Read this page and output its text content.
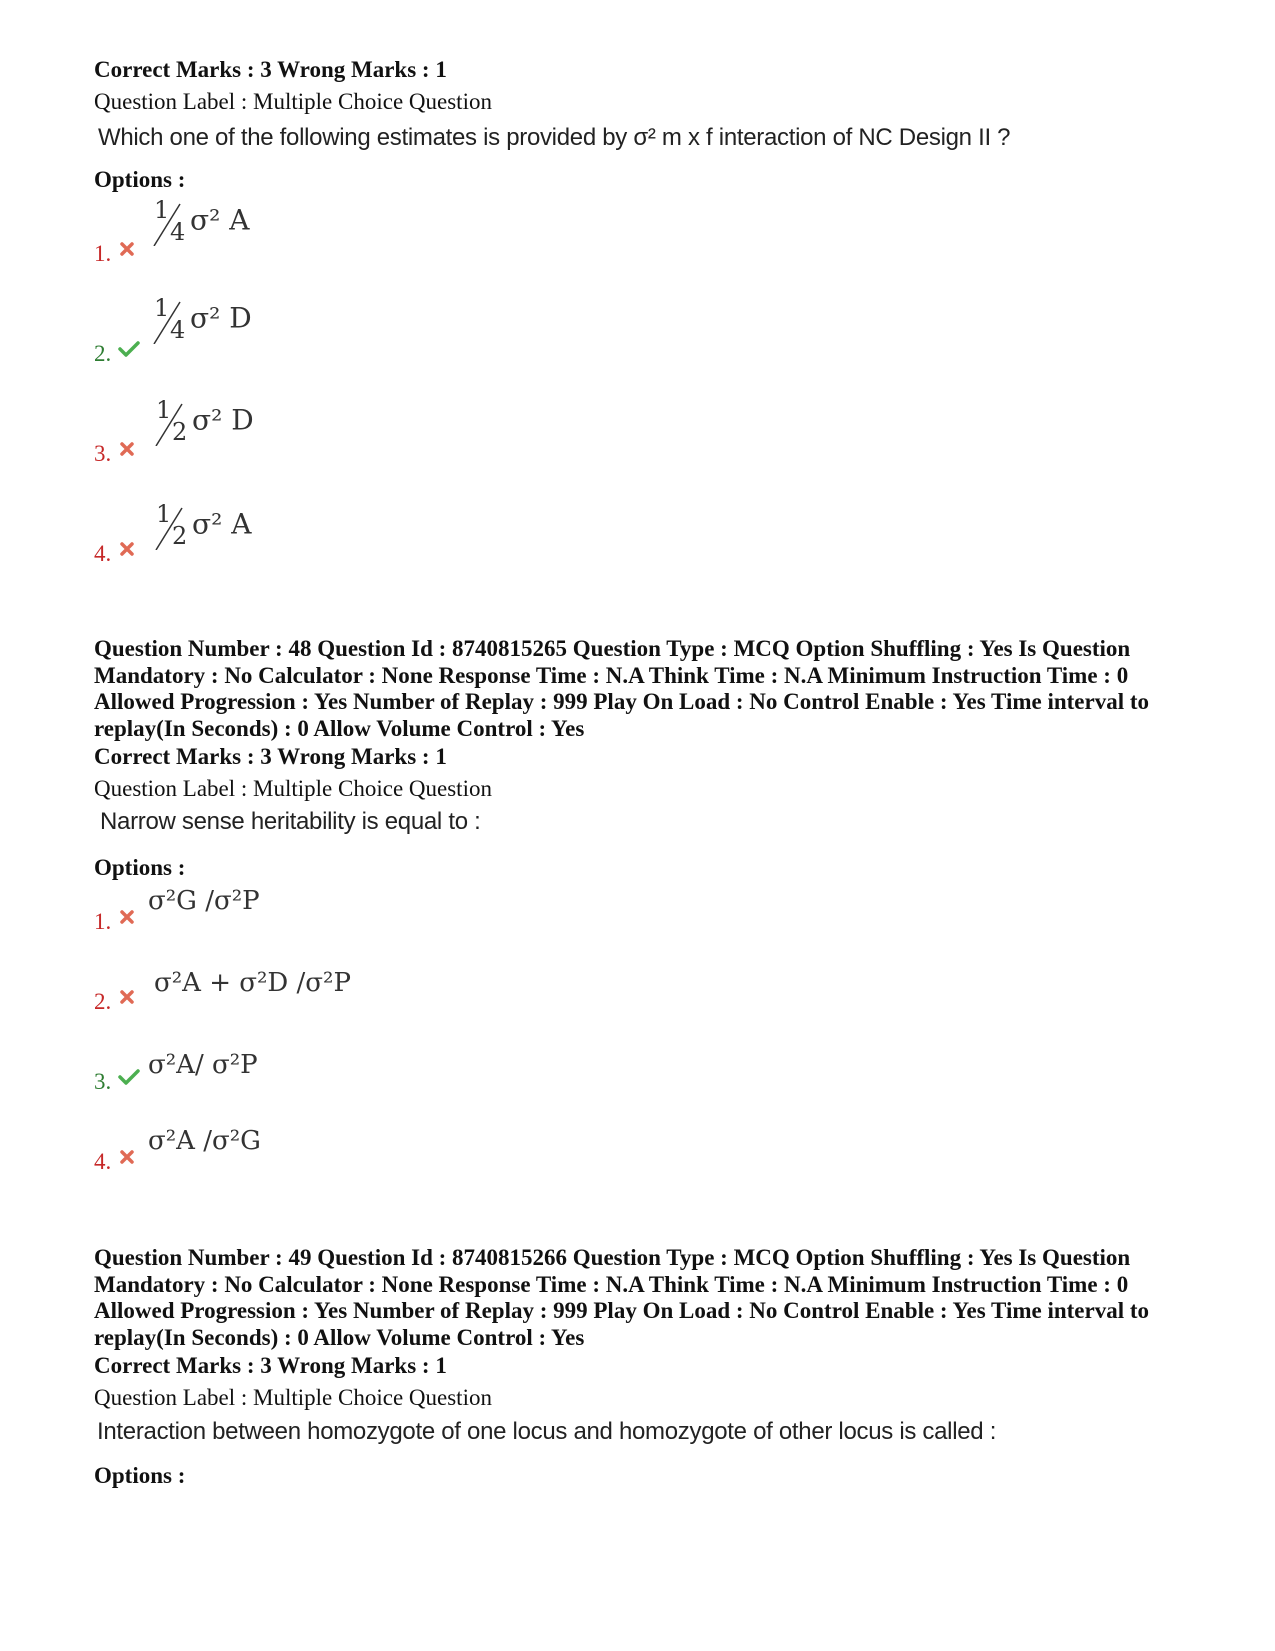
Correct Marks : 3 Wrong Marks : 1
Question Label : Multiple Choice Question
Which one of the following estimates is provided by σ² m x f interaction of NC Design II ?
Options :
1.
1
4 σ² A
2.
1
4 σ² D
3.
1
2 σ² D
4.
1
2 σ² A
Question Number : 48 Question Id : 8740815265 Question Type : MCQ Option Shuffling : Yes Is Question Mandatory : No Calculator : None Response Time : N.A Think Time : N.A Minimum Instruction Time : 0 Allowed Progression : Yes Number of Replay : 999 Play On Load : No Control Enable : Yes Time interval to replay(In Seconds) : 0 Allow Volume Control : Yes
Correct Marks : 3 Wrong Marks : 1
Question Label : Multiple Choice Question
Narrow sense heritability is equal to :
Options :
1.
σ²G /σ²P
2.
σ²A + σ²D /σ²P
3.
σ²A/ σ²P
4.
σ²A /σ²G
Question Number : 49 Question Id : 8740815266 Question Type : MCQ Option Shuffling : Yes Is Question Mandatory : No Calculator : None Response Time : N.A Think Time : N.A Minimum Instruction Time : 0 Allowed Progression : Yes Number of Replay : 999 Play On Load : No Control Enable : Yes Time interval to replay(In Seconds) : 0 Allow Volume Control : Yes
Correct Marks : 3 Wrong Marks : 1
Question Label : Multiple Choice Question
Interaction between homozygote of one locus and homozygote of other locus is called :
Options :
